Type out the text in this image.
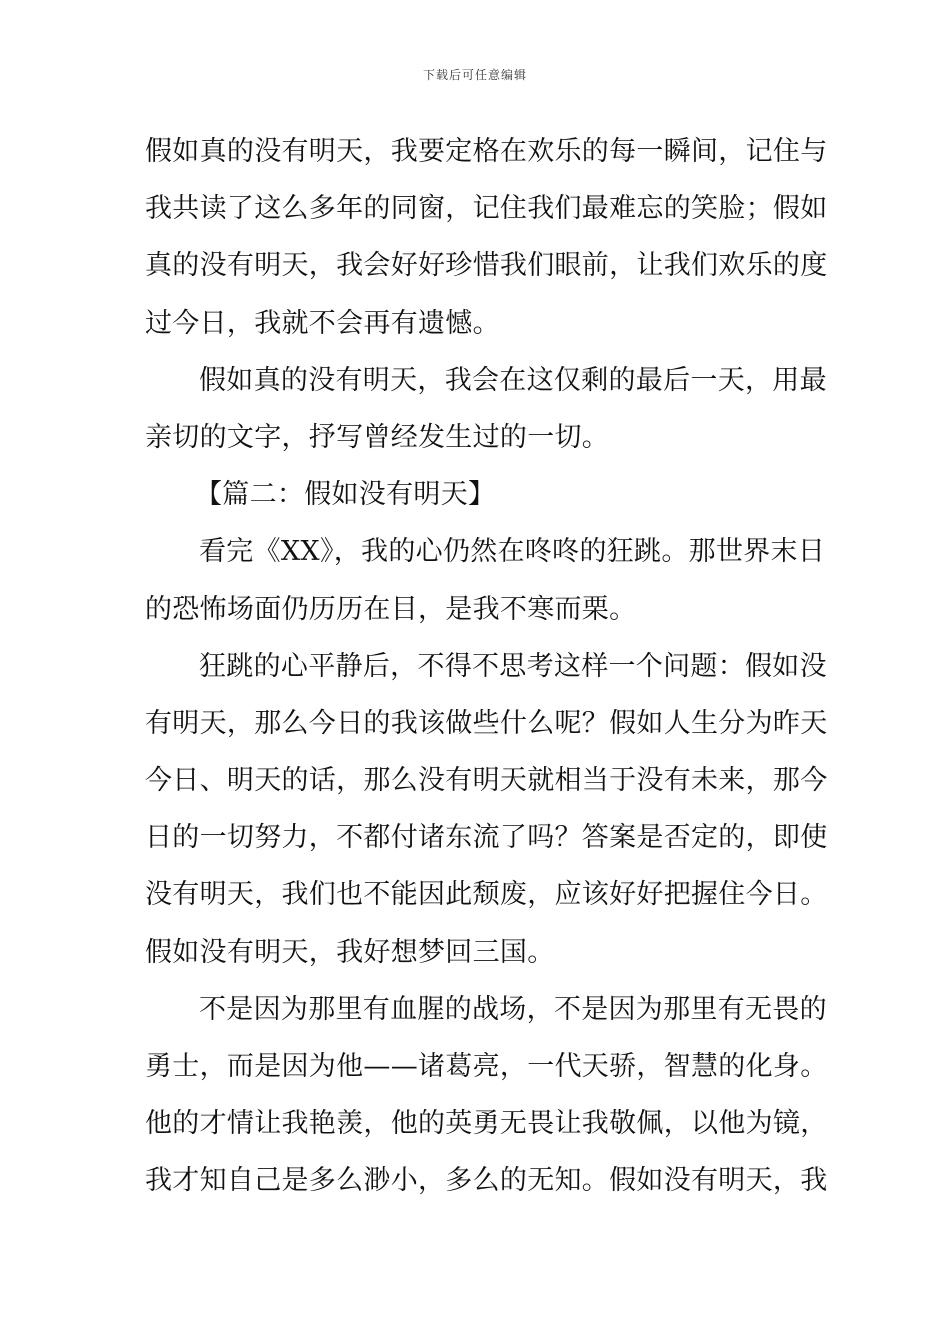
下载后可任意编辑
假如真的没有明天，我要定格在欢乐的每一瞬间，记住与
我共读了这么多年的同窗，记住我们最难忘的笑脸；假如
真的没有明天，我会好好珍惜我们眼前，让我们欢乐的度
过今日，我就不会再有遗憾。
假如真的没有明天，我会在这仅剩的最后一天，用最
亲切的文字，抒写曾经发生过的一切。
【篇二：假如没有明天】
看完《XX》，我的心仍然在咚咚的狂跳。那世界末日
的恐怖场面仍历历在目，是我不寒而栗。
狂跳的心平静后，不得不思考这样一个问题：假如没
有明天，那么今日的我该做些什么呢？假如人生分为昨天
今日、明天的话，那么没有明天就相当于没有未来，那今
日的一切努力，不都付诸东流了吗？答案是否定的，即使
没有明天，我们也不能因此颓废，应该好好把握住今日。
假如没有明天，我好想梦回三国。
不是因为那里有血腥的战场，不是因为那里有无畏的
勇士，而是因为他——诸葛亮，一代天骄，智慧的化身。
他的才情让我艳羡，他的英勇无畏让我敬佩，以他为镜，
我才知自己是多么渺小，多么的无知。假如没有明天，我
